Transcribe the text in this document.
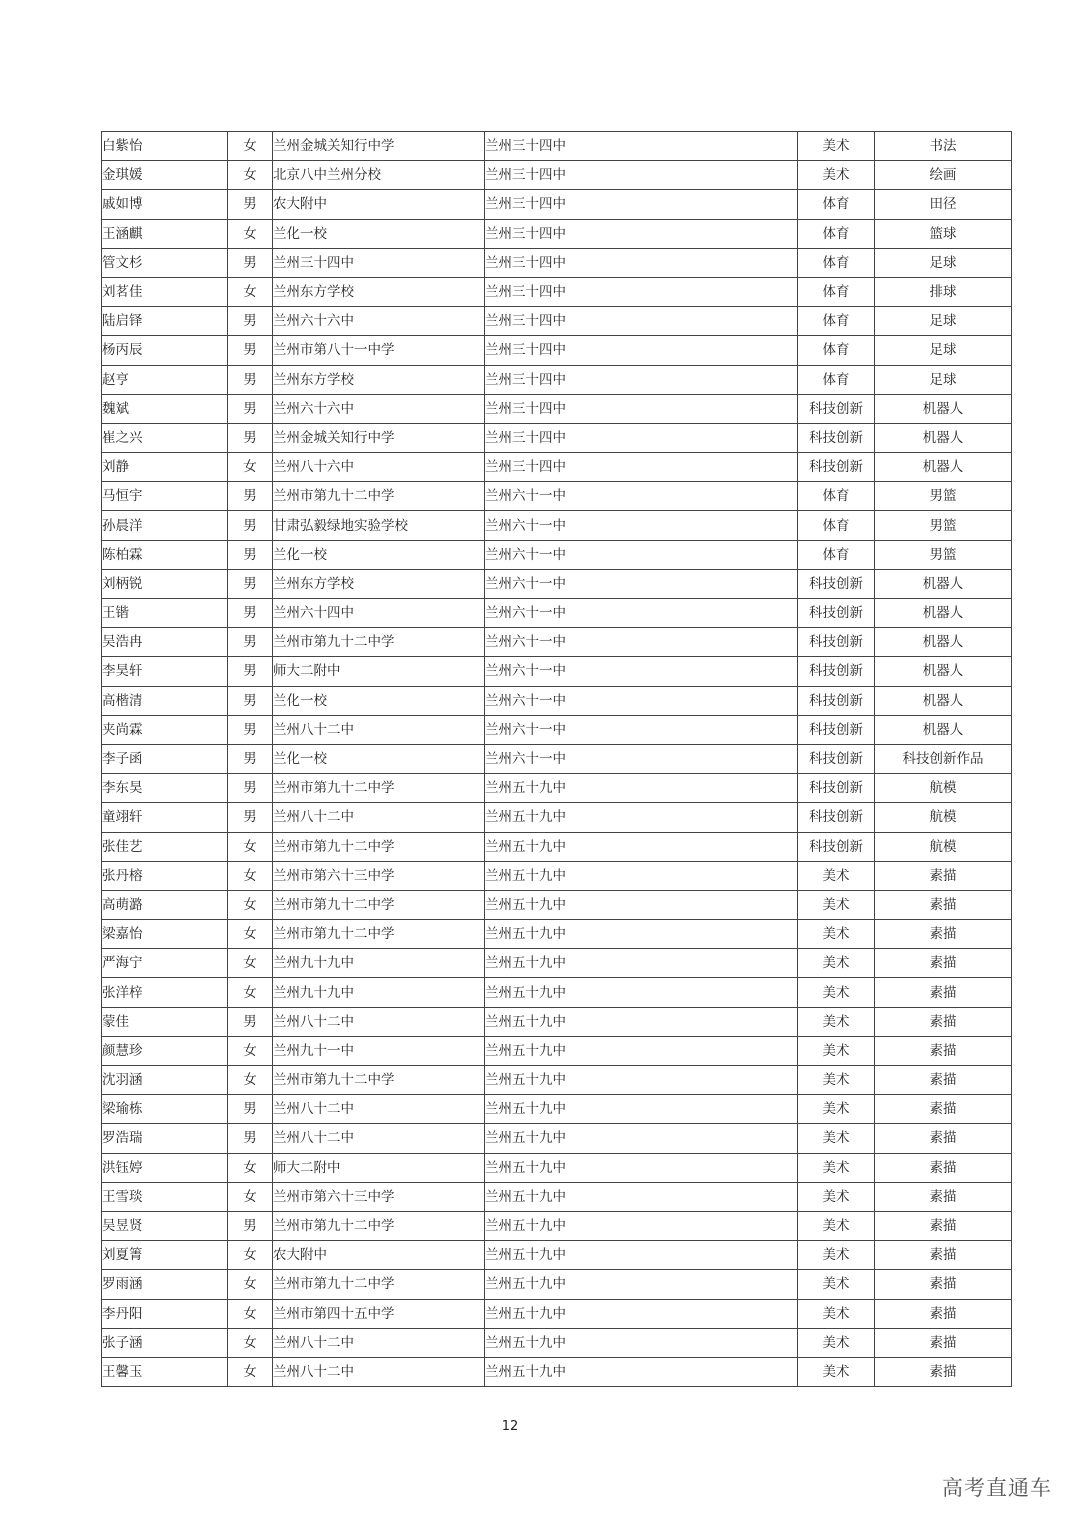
白紫怡	女	兰州金城关知行中学	兰州三十四中	美术	书法
金琪媛	女	北京八中兰州分校	兰州三十四中	美术	绘画
戚如博	男	农大附中	兰州三十四中	体育	田径
王涵麒	女	兰化一校	兰州三十四中	体育	篮球
管文杉	男	兰州三十四中	兰州三十四中	体育	足球
刘茗佳	女	兰州东方学校	兰州三十四中	体育	排球
陆启铎	男	兰州六十六中	兰州三十四中	体育	足球
杨丙辰	男	兰州市第八十一中学	兰州三十四中	体育	足球
赵亨	男	兰州东方学校	兰州三十四中	体育	足球
魏斌	男	兰州六十六中	兰州三十四中	科技创新	机器人
崔之兴	男	兰州金城关知行中学	兰州三十四中	科技创新	机器人
刘静	女	兰州八十六中	兰州三十四中	科技创新	机器人
马恒宇	男	兰州市第九十二中学	兰州六十一中	体育	男篮
孙晨洋	男	甘肃弘毅绿地实验学校	兰州六十一中	体育	男篮
陈柏霖	男	兰化一校	兰州六十一中	体育	男篮
刘柄锐	男	兰州东方学校	兰州六十一中	科技创新	机器人
王锴	男	兰州六十四中	兰州六十一中	科技创新	机器人
吴浩冉	男	兰州市第九十二中学	兰州六十一中	科技创新	机器人
李昊轩	男	师大二附中	兰州六十一中	科技创新	机器人
高楷清	男	兰化一校	兰州六十一中	科技创新	机器人
夹尚霖	男	兰州八十二中	兰州六十一中	科技创新	机器人
李子函	男	兰化一校	兰州六十一中	科技创新	科技创新作品
李东昊	男	兰州市第九十二中学	兰州五十九中	科技创新	航模
童翊轩	男	兰州八十二中	兰州五十九中	科技创新	航模
张佳艺	女	兰州市第九十二中学	兰州五十九中	科技创新	航模
张丹榕	女	兰州市第六十三中学	兰州五十九中	美术	素描
高萌潞	女	兰州市第九十二中学	兰州五十九中	美术	素描
梁嘉怡	女	兰州市第九十二中学	兰州五十九中	美术	素描
严海宁	女	兰州九十九中	兰州五十九中	美术	素描
张洋梓	女	兰州九十九中	兰州五十九中	美术	素描
蒙佳	男	兰州八十二中	兰州五十九中	美术	素描
颜慧珍	女	兰州九十一中	兰州五十九中	美术	素描
沈羽涵	女	兰州市第九十二中学	兰州五十九中	美术	素描
梁瑜栋	男	兰州八十二中	兰州五十九中	美术	素描
罗浩瑞	男	兰州八十二中	兰州五十九中	美术	素描
洪钰婷	女	师大二附中	兰州五十九中	美术	素描
王雪琰	女	兰州市第六十三中学	兰州五十九中	美术	素描
吴昱贤	男	兰州市第九十二中学	兰州五十九中	美术	素描
刘夏箐	女	农大附中	兰州五十九中	美术	素描
罗雨涵	女	兰州市第九十二中学	兰州五十九中	美术	素描
李丹阳	女	兰州市第四十五中学	兰州五十九中	美术	素描
张子涵	女	兰州八十二中	兰州五十九中	美术	素描
王馨玉	女	兰州八十二中	兰州五十九中	美术	素描
12
高考直通车
